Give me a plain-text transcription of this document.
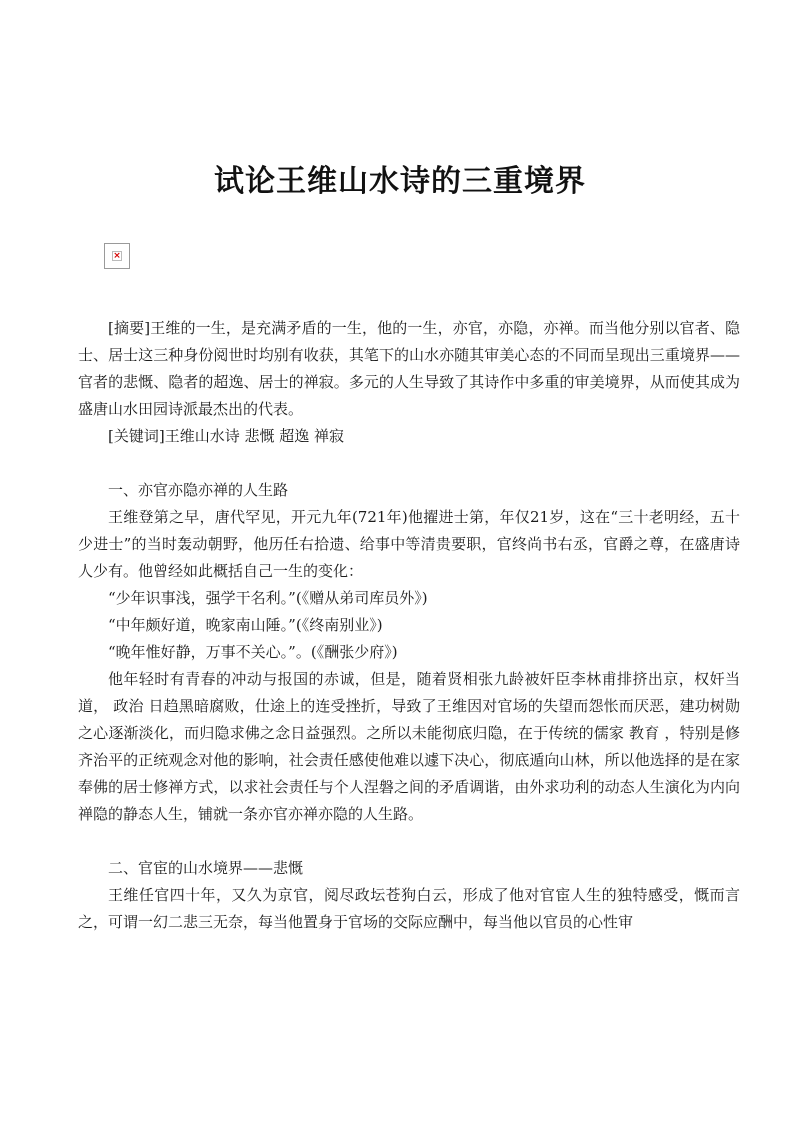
试论王维山水诗的三重境界
×

[摘要]王维的一生，是充满矛盾的一生，他的一生，亦官，亦隐，亦禅。而当他分别以官者、隐士、居士这三种身份阅世时均别有收获，其笔下的山水亦随其审美心态的不同而呈现出三重境界——官者的悲慨、隐者的超逸、居士的禅寂。多元的人生导致了其诗作中多重的审美境界，从而使其成为盛唐山水田园诗派最杰出的代表。

[关键词]王维山水诗 悲慨 超逸 禅寂

一、亦官亦隐亦禅的人生路

王维登第之早，唐代罕见，开元九年(721年)他擢进士第，年仅21岁，这在“三十老明经，五十少进士”的当时轰动朝野，他历任右拾遗、给事中等清贵要职，官终尚书右丞，官爵之尊，在盛唐诗人少有。他曾经如此概括自己一生的变化：

“少年识事浅，强学干名利。”(《赠从弟司库员外》)

“中年颇好道，晚家南山陲。”(《终南别业》)

“晚年惟好静，万事不关心。”。(《酬张少府》)

他年轻时有青春的冲动与报国的赤诚，但是，随着贤相张九龄被奸臣李林甫排挤出京，权奸当道， 政治 日趋黑暗腐败，仕途上的连受挫折，导致了王维因对官场的失望而怨怅而厌恶，建功树勋之心逐渐淡化，而归隐求佛之念日益强烈。之所以未能彻底归隐，在于传统的儒家 教育 ，特别是修齐治平的正统观念对他的影响，社会责任感使他难以遽下决心，彻底遁向山林，所以他选择的是在家奉佛的居士修禅方式，以求社会责任与个人涅磐之间的矛盾调谐，由外求功利的动态人生演化为内向禅隐的静态人生，铺就一条亦官亦禅亦隐的人生路。

二、官宦的山水境界——悲慨

王维任官四十年，又久为京官，阅尽政坛苍狗白云，形成了他对官宦人生的独特感受，慨而言之，可谓一幻二悲三无奈，每当他置身于官场的交际应酬中，每当他以官员的心性审
